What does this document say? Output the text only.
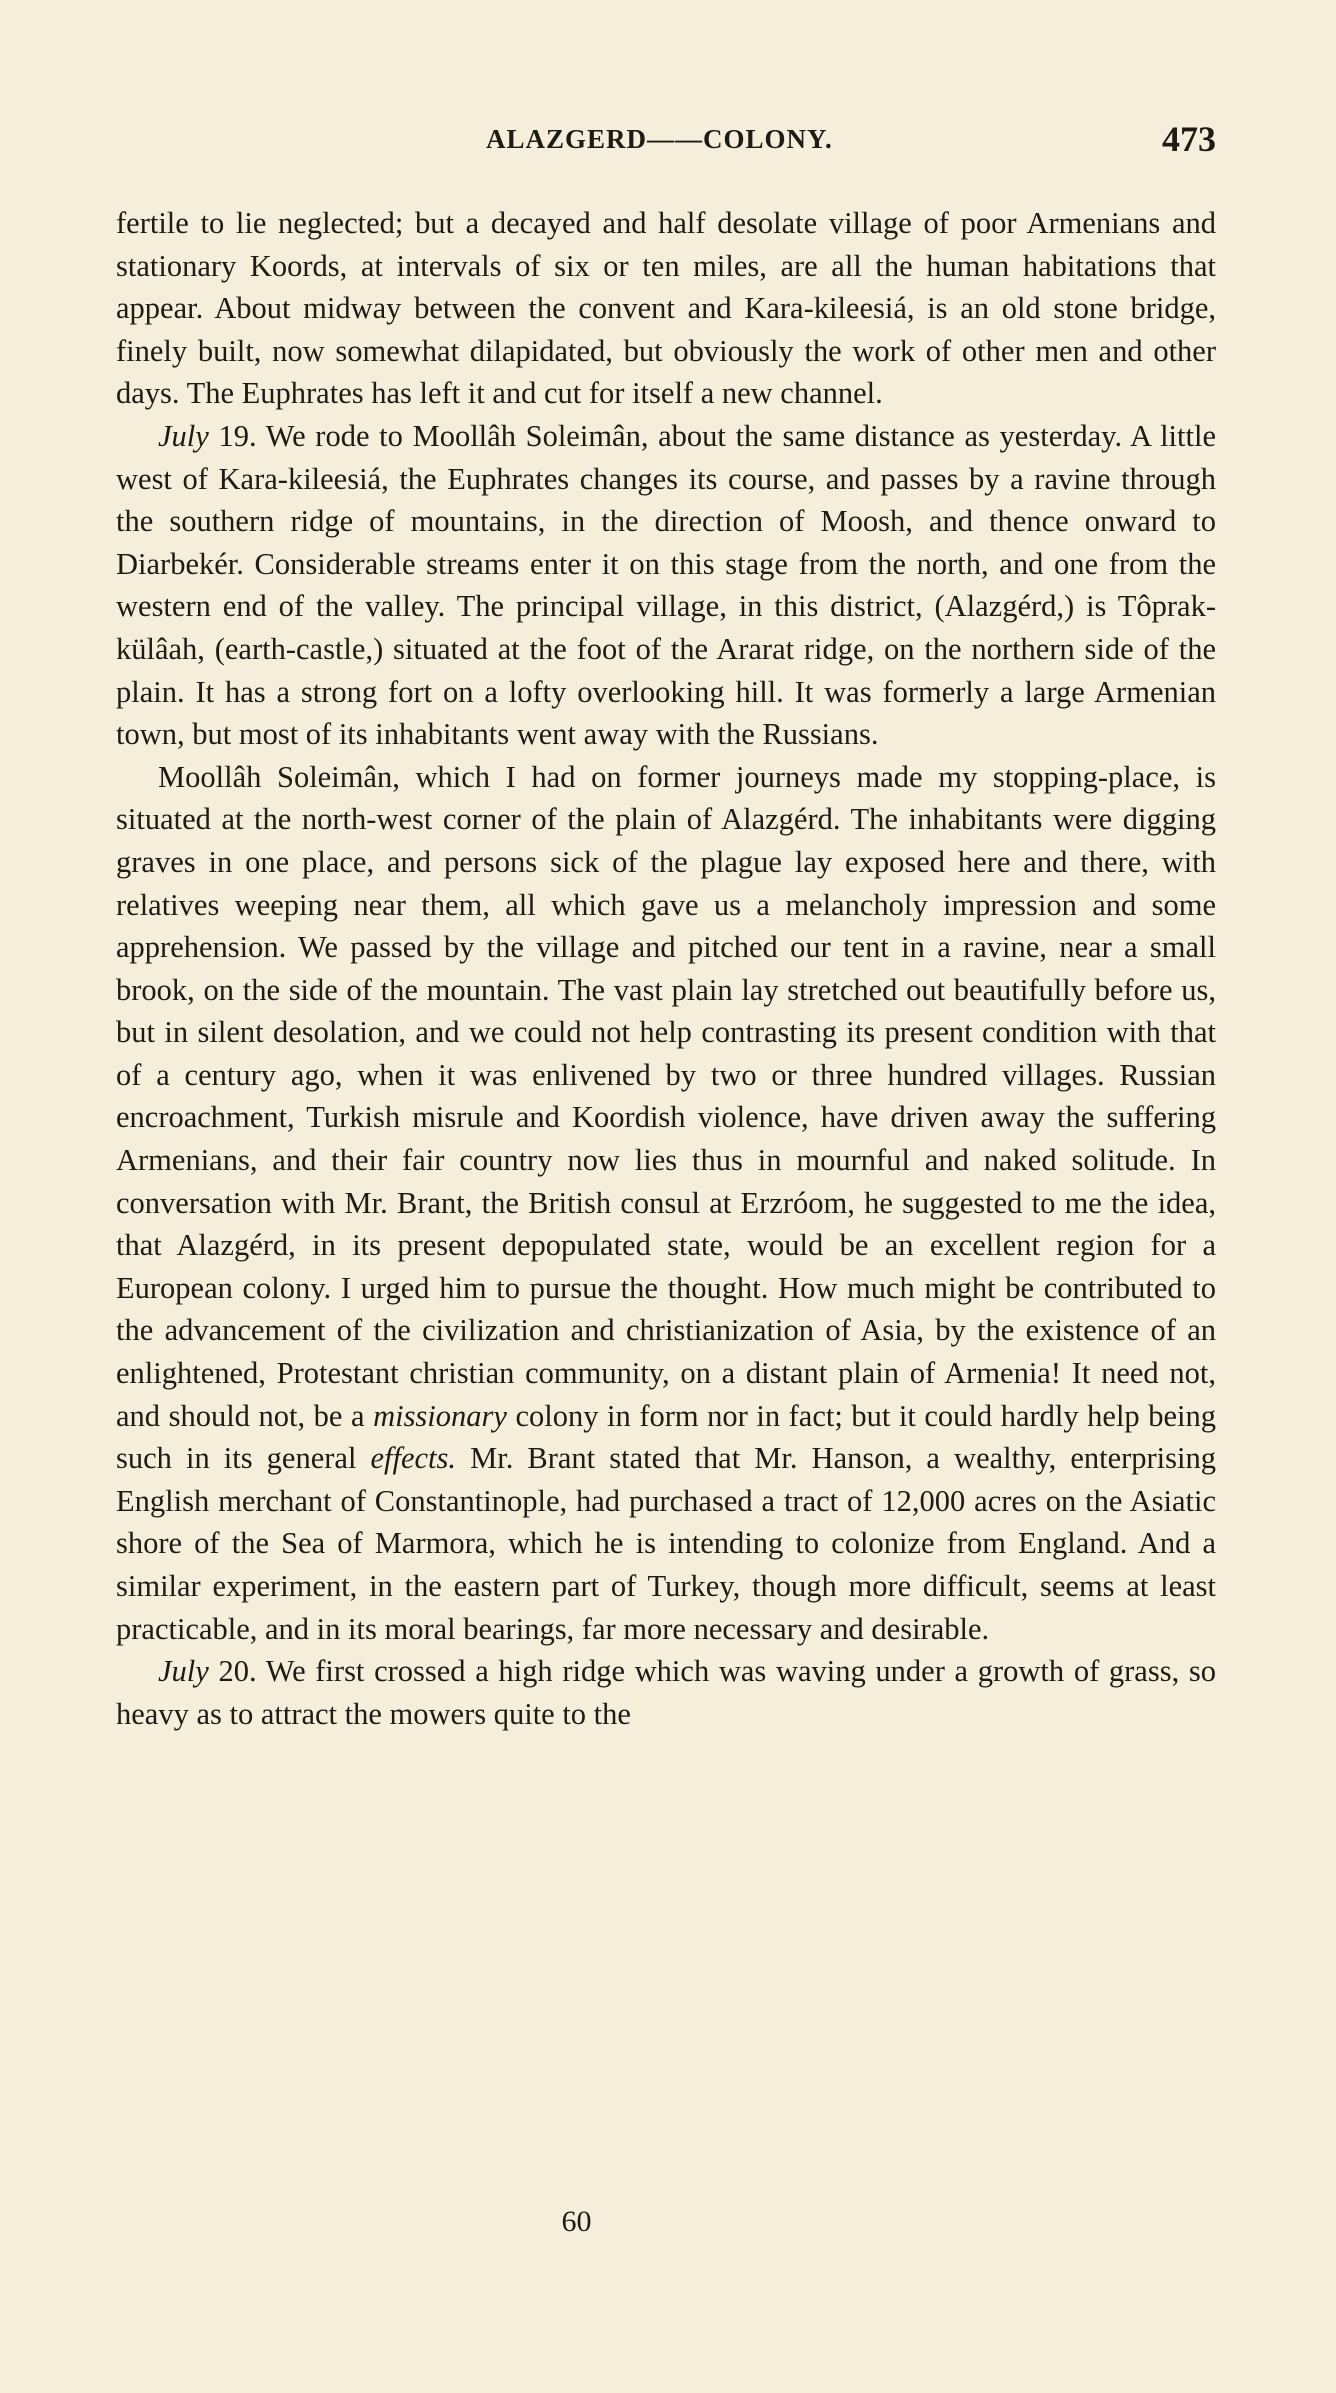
ALAZGERD——COLONY.	473

fertile to lie neglected; but a decayed and half desolate village of poor Armenians and stationary Koords, at intervals of six or ten miles, are all the human habitations that appear. About midway between the convent and Kara-kileesiá, is an old stone bridge, finely built, now somewhat dilapidated, but obviously the work of other men and other days. The Euphrates has left it and cut for itself a new channel.

July 19. We rode to Moollâh Soleimân, about the same distance as yesterday. A little west of Kara-kileesiá, the Euphrates changes its course, and passes by a ravine through the southern ridge of mountains, in the direction of Moosh, and thence onward to Diarbekér. Considerable streams enter it on this stage from the north, and one from the western end of the valley. The principal village, in this district, (Alazgérd,) is Tôprak-külâah, (earth-castle,) situated at the foot of the Ararat ridge, on the northern side of the plain. It has a strong fort on a lofty overlooking hill. It was formerly a large Armenian town, but most of its inhabitants went away with the Russians.

Moollâh Soleimân, which I had on former journeys made my stopping-place, is situated at the north-west corner of the plain of Alazgérd. The inhabitants were digging graves in one place, and persons sick of the plague lay exposed here and there, with relatives weeping near them, all which gave us a melancholy impression and some apprehension. We passed by the village and pitched our tent in a ravine, near a small brook, on the side of the mountain. The vast plain lay stretched out beautifully before us, but in silent desolation, and we could not help contrasting its present condition with that of a century ago, when it was enlivened by two or three hundred villages. Russian encroachment, Turkish misrule and Koordish violence, have driven away the suffering Armenians, and their fair country now lies thus in mournful and naked solitude. In conversation with Mr. Brant, the British consul at Erzróom, he suggested to me the idea, that Alazgérd, in its present depopulated state, would be an excellent region for a European colony. I urged him to pursue the thought. How much might be contributed to the advancement of the civilization and christianization of Asia, by the existence of an enlightened, Protestant christian community, on a distant plain of Armenia! It need not, and should not, be a missionary colony in form nor in fact; but it could hardly help being such in its general effects. Mr. Brant stated that Mr. Hanson, a wealthy, enterprising English merchant of Constantinople, had purchased a tract of 12,000 acres on the Asiatic shore of the Sea of Marmora, which he is intending to colonize from England. And a similar experiment, in the eastern part of Turkey, though more difficult, seems at least practicable, and in its moral bearings, far more necessary and desirable.

July 20. We first crossed a high ridge which was waving under a growth of grass, so heavy as to attract the mowers quite to the

60
